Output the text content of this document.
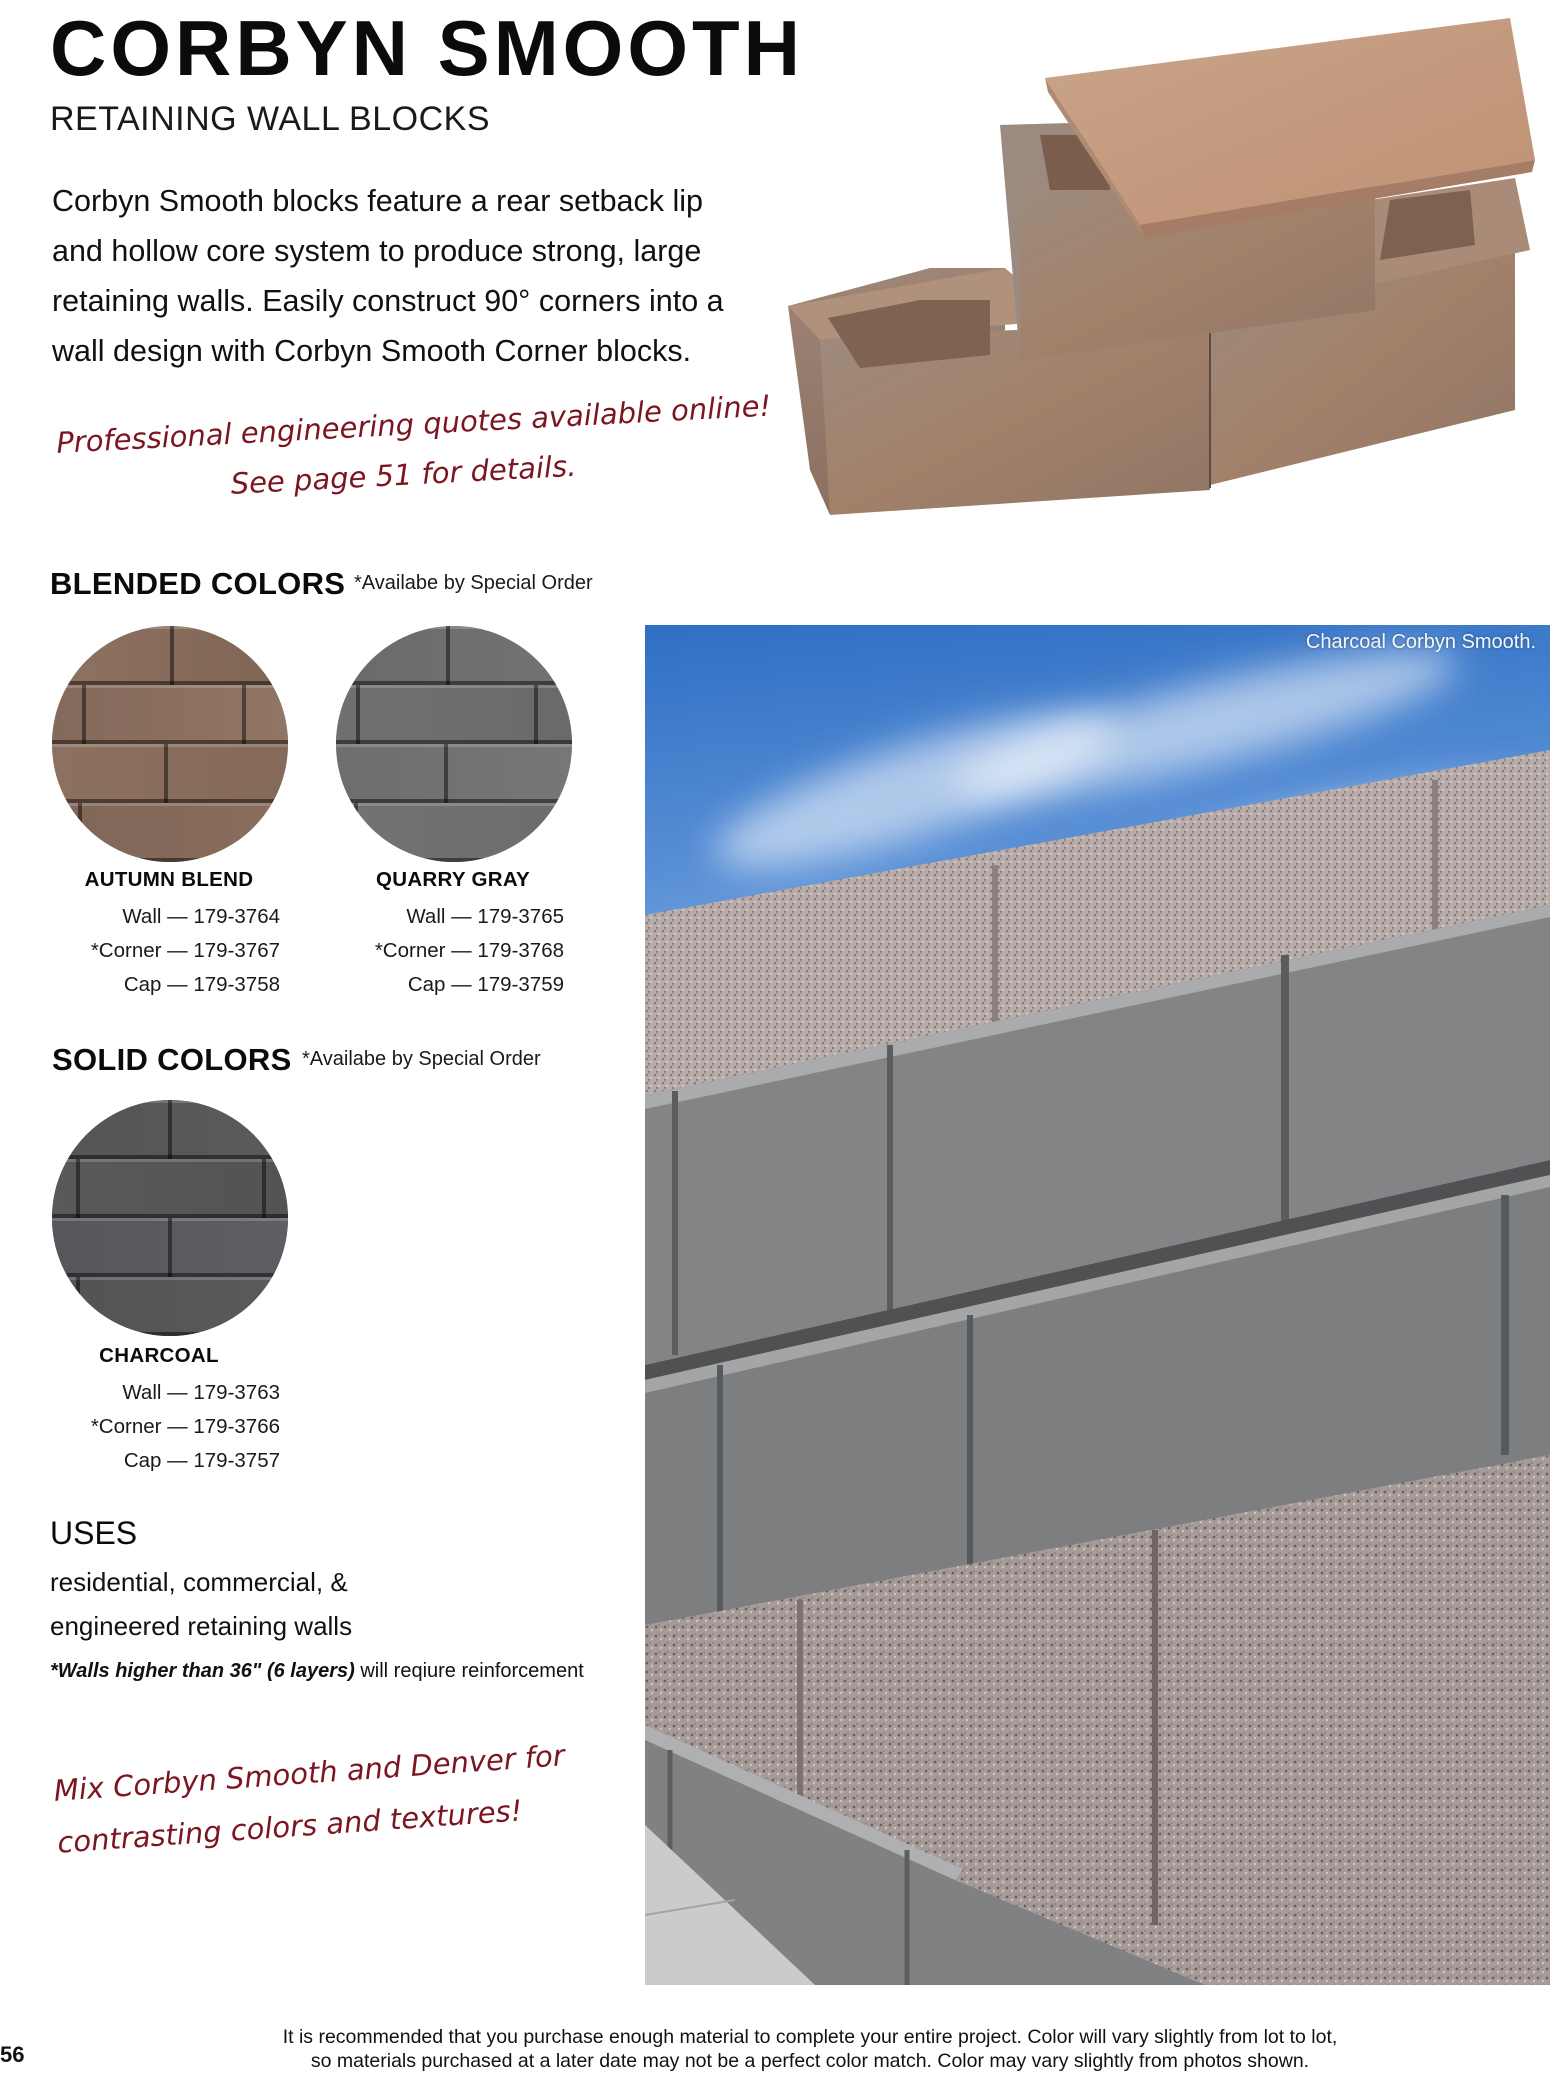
CORBYN SMOOTH
RETAINING WALL BLOCKS
Corbyn Smooth blocks feature a rear setback lip
and hollow core system to produce strong, large
retaining walls. Easily construct 90° corners into a
wall design with Corbyn Smooth Corner blocks.
Professional engineering quotes available online!
See page 51 for details.
BLENDED COLORS *Availabe by Special Order
AUTUMN BLEND
Wall — 179-3764
*Corner — 179-3767
Cap — 179-3758
QUARRY GRAY
Wall — 179-3765
*Corner — 179-3768
Cap — 179-3759
SOLID COLORS *Availabe by Special Order
CHARCOAL
Wall — 179-3763
*Corner — 179-3766
Cap — 179-3757
USES
residential, commercial, &
engineered retaining walls
*Walls higher than 36" (6 layers) will reqiure reinforcement
Mix Corbyn Smooth and Denver for
contrasting colors and textures!
Charcoal Corbyn Smooth.
56
It is recommended that you purchase enough material to complete your entire project. Color will vary slightly from lot to lot,
so materials purchased at a later date may not be a perfect color match. Color may vary slightly from photos shown.
